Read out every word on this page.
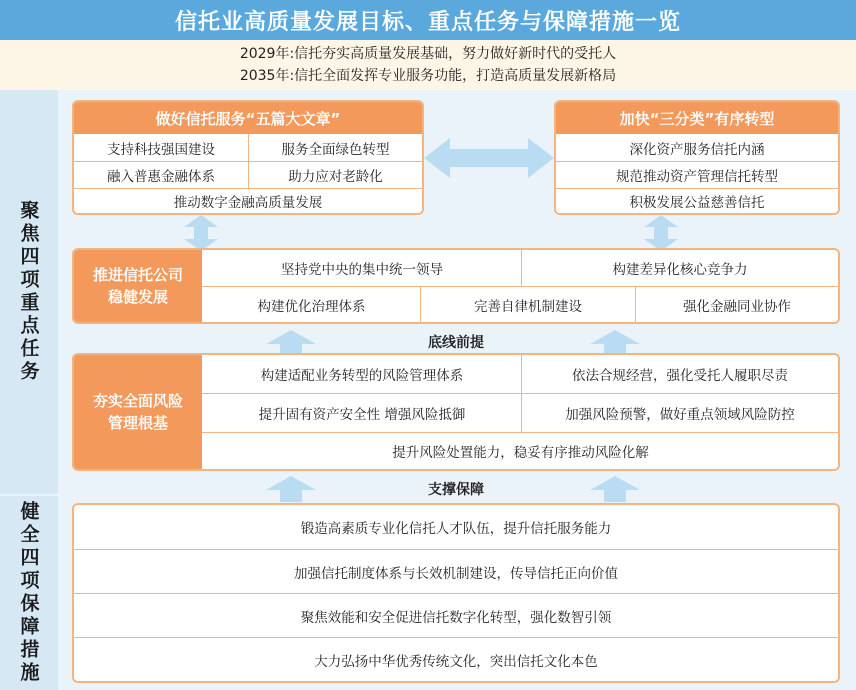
信托业高质量发展目标、重点任务与保障措施一览
2029年:信托夯实高质量发展基础，努力做好新时代的受托人
2035年:信托全面发挥专业服务功能，打造高质量发展新格局
聚焦四项重点任务
健全四项保障措施
做好信托服务“五篇大文章”
支持科技强国建设	服务全面绿色转型
融入普惠金融体系	助力应对老龄化
推动数字金融高质量发展
加快“三分类”有序转型
深化资产服务信托内涵
规范推动资产管理信托转型
积极发展公益慈善信托
推进信托公司稳健发展
坚持党中央的集中统一领导	构建差异化核心竞争力
构建优化治理体系	完善自律机制建设	强化金融同业协作
底线前提
夯实全面风险管理根基
构建适配业务转型的风险管理体系	依法合规经营，强化受托人履职尽责
提升固有资产安全性 增强风险抵御	加强风险预警，做好重点领域风险防控
提升风险处置能力，稳妥有序推动风险化解
支撑保障
锻造高素质专业化信托人才队伍，提升信托服务能力
加强信托制度体系与长效机制建设，传导信托正向价值
聚焦效能和安全促进信托数字化转型，强化数智引领
大力弘扬中华优秀传统文化，突出信托文化本色
